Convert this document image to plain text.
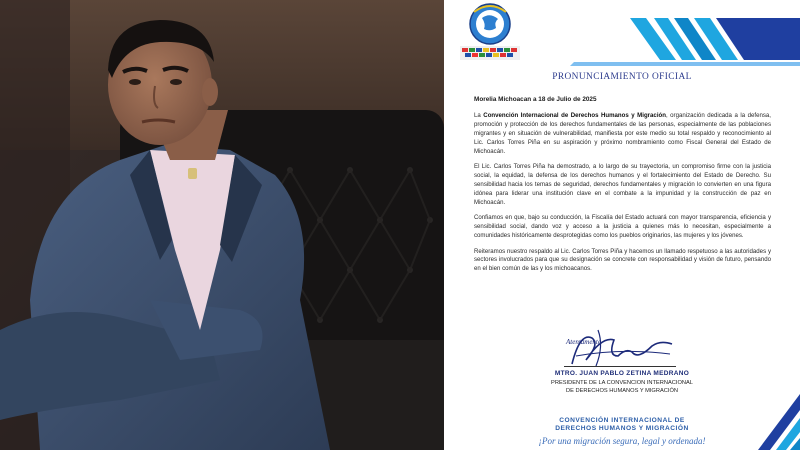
PRONUNCIAMIENTO OFICIAL
Morelia Michoacan a 18 de Julio de 2025

La Convención Internacional de Derechos Humanos y Migración, organización dedicada a la defensa, promoción y protección de los derechos fundamentales de las personas, especialmente de las poblaciones migrantes y en situación de vulnerabilidad, manifiesta por este medio su total respaldo y reconocimiento al Lic. Carlos Torres Piña en su aspiración y próximo nombramiento como Fiscal General del Estado de Michoacán.

El Lic. Carlos Torres Piña ha demostrado, a lo largo de su trayectoria, un compromiso firme con la justicia social, la equidad, la defensa de los derechos humanos y el fortalecimiento del Estado de Derecho. Su sensibilidad hacia los temas de seguridad, derechos fundamentales y migración lo convierten en una figura idónea para liderar una institución clave en el combate a la impunidad y la construcción de paz en Michoacán.

Confiamos en que, bajo su conducción, la Fiscalía del Estado actuará con mayor transparencia, eficiencia y sensibilidad social, dando voz y acceso a la justicia a quienes más lo necesitan, especialmente a comunidades históricamente desprotegidas como los pueblos originarios, las mujeres y los jóvenes.

Reiteramos nuestro respaldo al Lic. Carlos Torres Piña y hacemos un llamado respetuoso a las autoridades y sectores involucrados para que su designación se concrete con responsabilidad y visión de futuro, pensando en el bien común de las y los michoacanos.

Atentamente
MTRO. JUAN PABLO ZETINA MEDRANO
PRESIDENTE DE LA CONVENCION INTERNACIONAL
DE DERECHOS HUMANOS Y MIGRACIÓN
CONVENCIÓN INTERNACIONAL DE
DERECHOS HUMANOS Y MIGRACIÓN
¡Por una migración segura, legal y ordenada!
